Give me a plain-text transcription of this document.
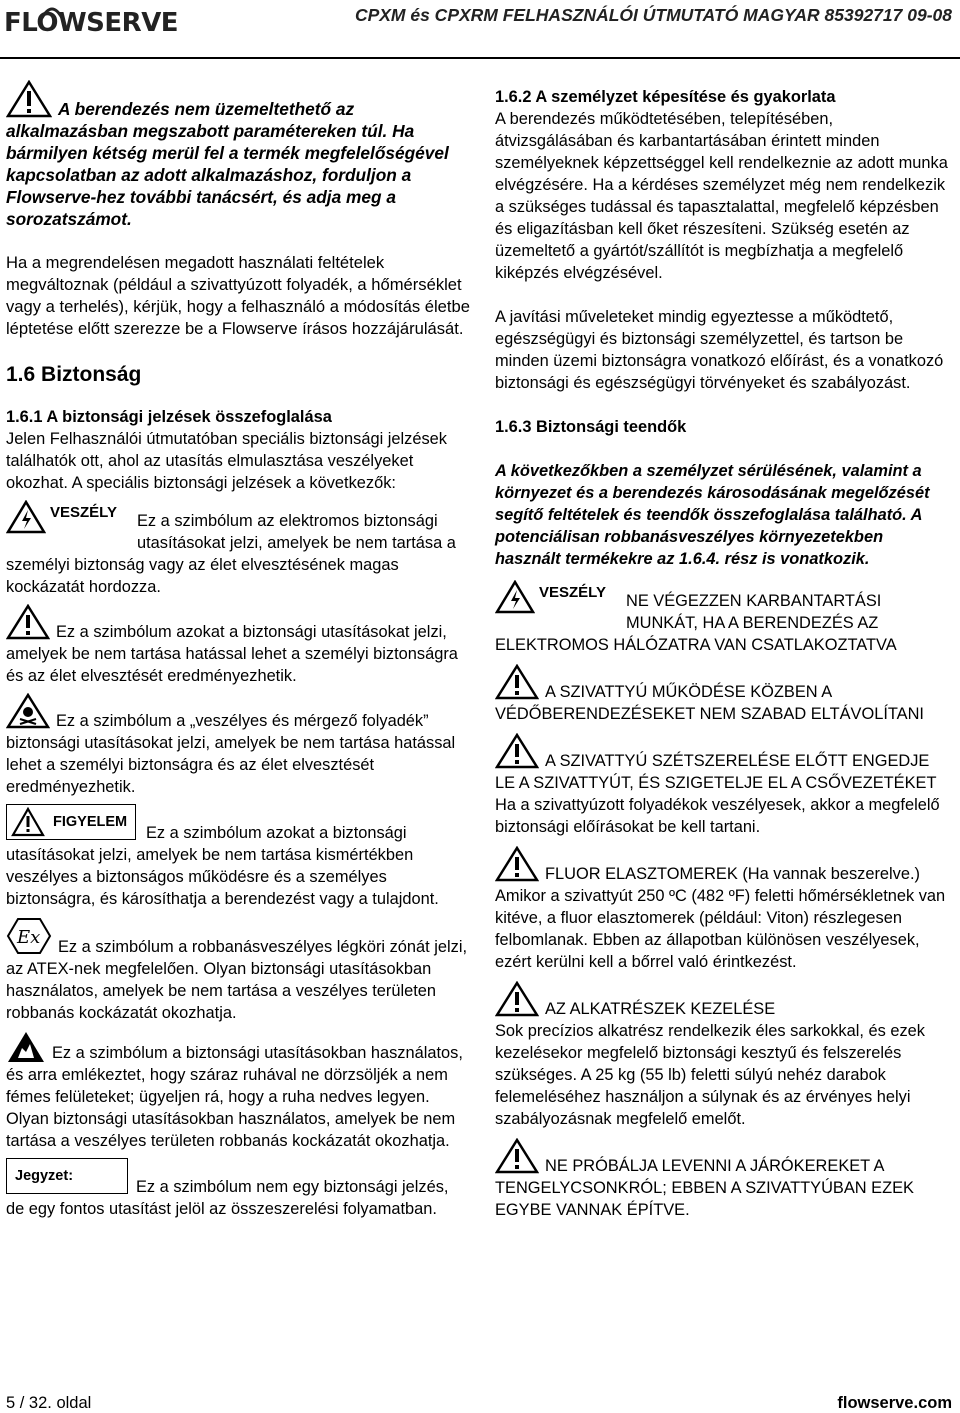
FLOWSERVE	CPXM és CPXRM FELHASZNÁLÓI ÚTMUTATÓ MAGYAR 85392717 09-08

A berendezés nem üzemeltethető az alkalmazásban megszabott paramétereken túl. Ha bármilyen kétség merül fel a termék megfelelőségével kapcsolatban az adott alkalmazáshoz, forduljon a Flowserve-hez további tanácsért, és adja meg a sorozatszámot.

Ha a megrendelésen megadott használati feltételek megváltoznak (például a szivattyúzott folyadék, a hőmérséklet vagy a terhelés), kérjük, hogy a felhasználó a módosítás életbe léptetése előtt szerezze be a Flowserve írásos hozzájárulását.

1.6 Biztonság

1.6.1 A biztonsági jelzések összefoglalása

Jelen Felhasználói útmutatóban speciális biztonsági jelzések találhatók ott, ahol az utasítás elmulasztása veszélyeket okozhat. A speciális biztonsági jelzések a következők:

VESZÉLY	Ez a szimbólum az elektromos biztonsági utasításokat jelzi, amelyek be nem tartása a személyi biztonság vagy az élet elvesztésének magas kockázatát hordozza.

Ez a szimbólum azokat a biztonsági utasításokat jelzi, amelyek be nem tartása hatással lehet a személyi biztonságra és az élet elvesztését eredményezhetik.

Ez a szimbólum a „veszélyes és mérgező folyadék” biztonsági utasításokat jelzi, amelyek be nem tartása hatással lehet a személyi biztonságra és az élet elvesztését eredményezhetik.

FIGYELEM

Ez a szimbólum azokat a biztonsági utasításokat jelzi, amelyek be nem tartása kismértékben veszélyes a biztonságos működésre és a személyes biztonságra, és károsíthatja a berendezést vagy a tulajdont.

Ex	Ez a szimbólum a robbanásveszélyes légköri zónát jelzi, az ATEX-nek megfelelően. Olyan biztonsági utasításokban használatos, amelyek be nem tartása a veszélyes területen robbanás kockázatát okozhatja.

Ez a szimbólum a biztonsági utasításokban használatos, és arra emlékeztet, hogy száraz ruhával ne dörzsöljék a nem fémes felületeket; ügyeljen rá, hogy a ruha nedves legyen. Olyan biztonsági utasításokban használatos, amelyek be nem tartása a veszélyes területen robbanás kockázatát okozhatja.

Jegyzet:

Ez a szimbólum nem egy biztonsági jelzés, de egy fontos utasítást jelöl az összeszerelési folyamatban.

1.6.2 A személyzet képesítése és gyakorlata

A berendezés működtetésében, telepítésében, átvizsgálásában és karbantartásában érintett minden személyeknek képzettséggel kell rendelkeznie az adott munka elvégzésére. Ha a kérdéses személyzet még nem rendelkezik a szükséges tudással és tapasztalattal, megfelelő képzésben és eligazításban kell őket részesíteni. Szükség esetén az üzemeltető a gyártót/szállítót is megbízhatja a megfelelő kiképzés elvégzésével.

A javítási műveleteket mindig egyeztesse a működtető, egészségügyi és biztonsági személyzettel, és tartson be minden üzemi biztonságra vonatkozó előírást, és a vonatkozó biztonsági és egészségügyi törvényeket és szabályozást.

1.6.3 Biztonsági teendők

A következőkben a személyzet sérülésének, valamint a környezet és a berendezés károsodásának megelőzését segítő feltételek és teendők összefoglalása található. A potenciálisan robbanásveszélyes környezetekben használt termékekre az 1.6.4. rész is vonatkozik.

VESZÉLY	NE VÉGEZZEN KARBANTARTÁSI MUNKÁT, HA A BERENDEZÉS AZ ELEKTROMOS HÁLÓZATRA VAN CSATLAKOZTATVA

A SZIVATTYÚ MŰKÖDÉSE KÖZBEN A VÉDŐBERENDEZÉSEKET NEM SZABAD ELTÁVOLÍTANI

A SZIVATTYÚ SZÉTSZERELÉSE ELŐTT ENGEDJE LE A SZIVATTYÚT, ÉS SZIGETELJE EL A CSŐVEZETÉKET

Ha a szivattyúzott folyadékok veszélyesek, akkor a megfelelő biztonsági előírásokat be kell tartani.

FLUOR ELASZTOMEREK (Ha vannak beszerelve.) Amikor a szivattyút 250 ºC (482 ºF) feletti hőmérsékletnek van kitéve, a fluor elasztomerek (például: Viton) részlegesen felbomlanak. Ebben az állapotban különösen veszélyesek, ezért kerülni kell a bőrrel való érintkezést.

AZ ALKATRÉSZEK KEZELÉSE

Sok precízios alkatrész rendelkezik éles sarkokkal, és ezek kezelésekor megfelelő biztonsági kesztyű és felszerelés szükséges. A 25 kg (55 lb) feletti súlyú nehéz darabok felemeléséhez használjon a súlynak és az érvényes helyi szabályozásnak megfelelő emelőt.

NE PRÓBÁLJA LEVENNI A JÁRÓKEREKET A TENGELYCSONKRÓL; EBBEN A SZIVATTYÚBAN EZEK EGYBE VANNAK ÉPÍTVE.

5 / 32. oldal	flowserve.com
